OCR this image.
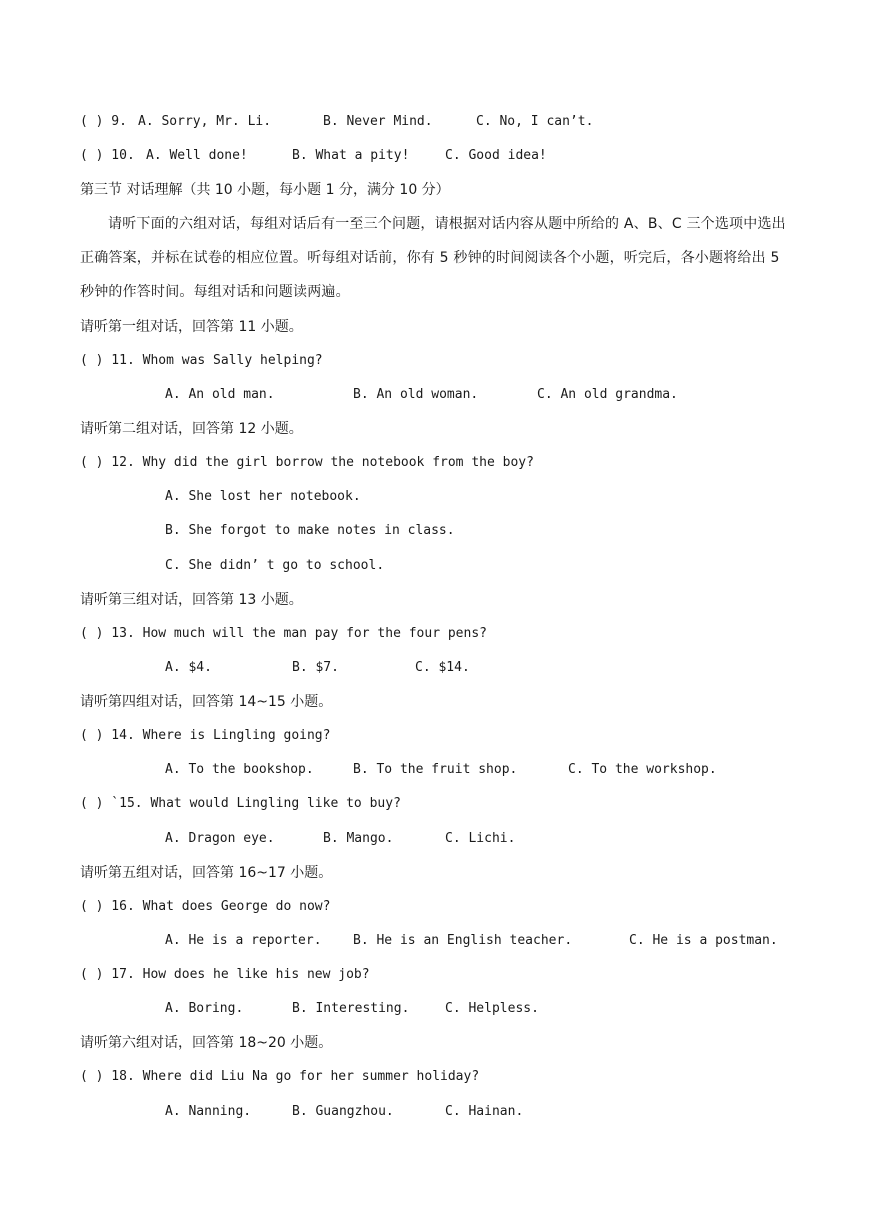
( ) 9. A. Sorry, Mr. Li.	B. Never Mind.	C. No, I can’t.
( ) 10. A. Well done!	B. What a pity!	C. Good idea!
第三节 对话理解（共 10 小题，每小题 1 分，满分 10 分）
请听下面的六组对话，每组对话后有一至三个问题，请根据对话内容从题中所给的 A、B、C 三个选项中选出正确答案，并标在试卷的相应位置。听每组对话前，你有 5 秒钟的时间阅读各个小题，听完后，各小题将给出 5 秒钟的作答时间。每组对话和问题读两遍。
请听第一组对话，回答第 11 小题。
( ) 11. Whom was Sally helping?
A. An old man.	B. An old woman.	C. An old grandma.
请听第二组对话，回答第 12 小题。
( ) 12. Why did the girl borrow the notebook from the boy?
A. She lost her notebook.
B. She forgot to make notes in class.
C. She didn’ t go to school.
请听第三组对话，回答第 13 小题。
( ) 13. How much will the man pay for the four pens?
A. $4.	B. $7.	C. $14.
请听第四组对话，回答第 14~15 小题。
( ) 14. Where is Lingling going?
A. To the bookshop.	B. To the fruit shop.	C. To the workshop.
( ) `15. What would Lingling like to buy?
A. Dragon eye.	B. Mango.	C. Lichi.
请听第五组对话，回答第 16~17 小题。
( ) 16. What does George do now?
A. He is a reporter. B. He is an English teacher.	C. He is a postman.
( ) 17. How does he like his new job?
A. Boring.	B. Interesting.	C. Helpless.
请听第六组对话，回答第 18~20 小题。
( ) 18. Where did Liu Na go for her summer holiday?
A. Nanning.	B. Guangzhou.	C. Hainan.
